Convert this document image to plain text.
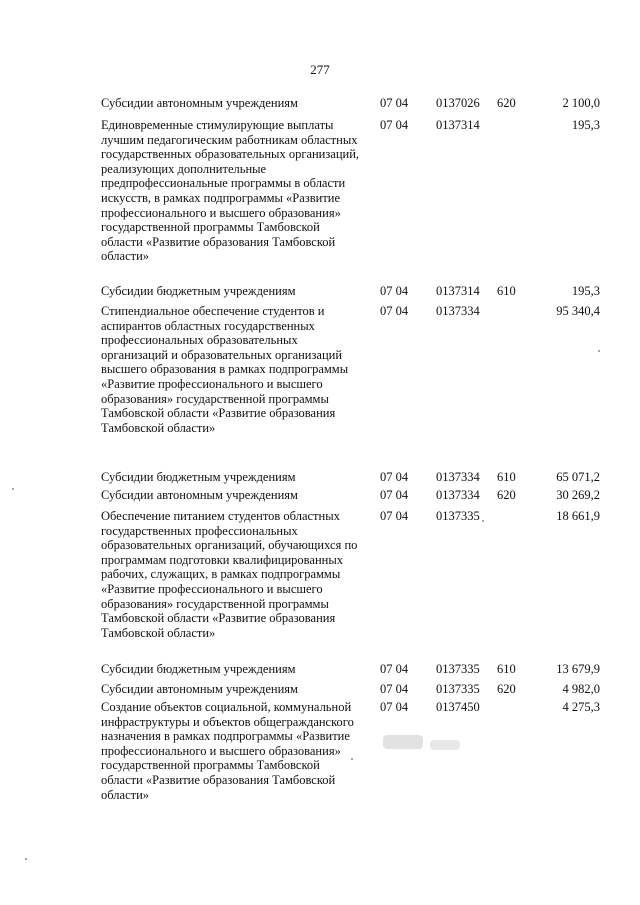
277
Субсидии автономным учреждениям	07 04 0137026 620	2 100,0
Единовременные стимулирующие выплаты лучшим педагогическим работникам областных государственных образовательных организаций, реализующих дополнительные предпрофессиональные программы в области искусств, в рамках подпрограммы «Развитие профессионального и высшего образования» государственной программы Тамбовской области «Развитие образования Тамбовской области»
07 04 0137314	195,3
Субсидии бюджетным учреждениям	07 04 0137314 610	195,3
Стипендиальное обеспечение студентов и аспирантов областных государственных профессиональных образовательных организаций и образовательных организаций высшего образования в рамках подпрограммы «Развитие профессионального и высшего образования» государственной программы Тамбовской области «Развитие образования Тамбовской области»
07 04 0137334	95 340,4
Субсидии бюджетным учреждениям	07 04 0137334 610	65 071,2
Субсидии автономным учреждениям	07 04 0137334 620	30 269,2
Обеспечение питанием студентов областных государственных профессиональных образовательных организаций, обучающихся по программам подготовки квалифицированных рабочих, служащих, в рамках подпрограммы «Развитие профессионального и высшего образования» государственной программы Тамбовской области «Развитие образования Тамбовской области»
07 04 0137335	18 661,9
Субсидии бюджетным учреждениям	07 04 0137335 610	13 679,9
Субсидии автономным учреждениям	07 04 0137335 620	4 982,0
Создание объектов социальной, коммунальной инфраструктуры и объектов общегражданского назначения в рамках подпрограммы «Развитие профессионального и высшего образования» государственной программы Тамбовской области «Развитие образования Тамбовской области»
07 04 0137450	4 275,3
